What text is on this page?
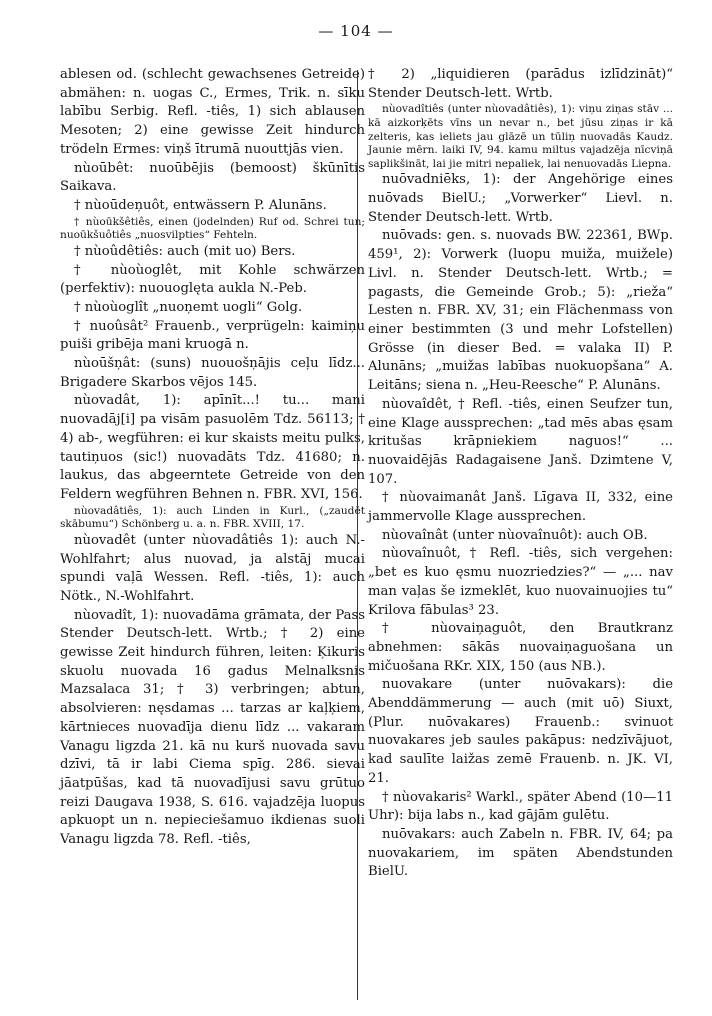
— 104 —

ablesen od. (schlecht gewachsenes Getreide) abmähen: n. uogas C., Ermes, Trik. n. sīku labību Serbig. Refl. -tiês, 1) sich ablausen Mesoten; 2) eine gewisse Zeit hindurch trödeln Ermes: viņš ītrumā nuouttjās vien.

nùoūbêt: nuoūbējis (bemoost) škūnītis Saikava.

† nùoūdeņuôt, entwässern P. Alunāns.

† nùoūkšêtiês, einen (jodelnden) Ruf od. Schrei tun; nuoūkšuôtiês „nuosvilpties“ Fehteln.

† nùoûdêtiês: auch (mit uo) Bers.

† nùoùoglêt, mit Kohle schwärzen (perfektiv): nuouoglęta aukla N.-Peb.

† nùoùoglît „nuoņemt uogli“ Golg.

† nuoûsât² Frauenb., verprügeln: kaimiņu puiši gribēja mani kruogā n.

nùoūšņât: (suns) nuouošņājis ceļu līdz... Brigadere Skarbos vējos 145.

nùovadât, 1): apīnīt...! tu... mani nuovadāj[i] pa visām pasuolēm Tdz. 56113; † 4) ab-, wegführen: ei kur skaists meitu pulks, tautiņuos (sic!) nuovadāts Tdz. 41680; n. laukus, das abgeerntete Getreide von den Feldern wegführen Behnen n. FBR. XVI, 156.

nùovadâtiês, 1): auch Linden in Kurl., („zaudēt skābumu“) Schönberg u. a. n. FBR. XVIII, 17.

nùovadêt (unter nùovadâtiês 1): auch N.-Wohlfahrt; alus nuovad, ja alstāj mucai spundi vaļā Wessen. Refl. -tiês, 1): auch Nötk., N.-Wohlfahrt.

nùovadît, 1): nuovadāma grāmata, der Pass Stender Deutsch-lett. Wrtb.; † 2) eine gewisse Zeit hindurch führen, leiten: Ķikuris skuolu nuovada 16 gadus Melnalksnis Mazsalaca 31; † 3) verbringen; abtun, absolvieren: nęsdamas ... tarzas ar kaļķiem, kārtnieces nuovadīja dienu līdz ... vakaram Vanagu ligzda 21. kā nu kurš nuovada savu dzīvi, tā ir labi Ciema spīg. 286. sievai jāatpūšas, kad tā nuovadījusi savu grūtuo reizi Daugava 1938, S. 616. vajadzēja luopus apkuopt un n. nepieciešamuo ikdienas suoli Vanagu ligzda 78. Refl. -tiês,

† 2) „liquidieren (parādus izlīdzināt)“ Stender Deutsch-lett. Wrtb.

nùovadîtiês (unter nùovadâtiês), 1): viņu ziņas stāv ... kā aizkorķēts vīns un nevar n., bet jūsu ziņas ir kā zelteris, kas ieliets jau glāzē un tūliņ nuovadās Kaudz. Jaunie mērn. laiki IV, 94. kamu miltus vajadzēja nīcviņā saplikšināt, lai jie mitri nepaliek, lai nenuovadās Liepna.

nuōvadniēks, 1): der Angehörige eines nuōvads BielU.; „Vorwerker“ Lievl. n. Stender Deutsch-lett. Wrtb.

nuōvads: gen. s. nuovads BW. 22361, BWp. 459¹, 2): Vorwerk (luopu muiža, muižele) Livl. n. Stender Deutsch-lett. Wrtb.; = pagasts, die Gemeinde Grob.; 5): „rieža“ Lesten n. FBR. XV, 31; ein Flächenmass von einer bestimmten (3 und mehr Lofstellen) Grösse (in dieser Bed. = valaka II) P. Alunāns; „muižas labības nuokuopšana“ A. Leitāns; siena n. „Heu-Reesche“ P. Alunāns.

nùovaîdêt, † Refl. -tiês, einen Seufzer tun, eine Klage aussprechen: „tad mēs abas ęsam kritušas krāpniekiem naguos!“ ... nuovaidējās Radagaisene Janš. Dzimtene V, 107.

† nùovaimanât Janš. Līgava II, 332, eine jammervolle Klage aussprechen.

nùovaînât (unter nùovaînuôt): auch OB.

nùovaînuôt, † Refl. -tiês, sich vergehen: „bet es kuo ęsmu nuozriedzies?“ — „... nav man vaļas še izmeklēt, kuo nuovainuojies tu“ Krilova fābulas³ 23.

† nùovaiņaguôt, den Brautkranz abnehmen: sākās nuovaiņaguošana un mičuošana RKr. XIX, 150 (aus NB.).

nuovakare (unter nuōvakars): die Abenddämmerung — auch (mit uō) Siuxt, (Plur. nuōvakares) Frauenb.: svinuot nuovakares jeb saules pakāpus: nedzīvājuot, kad saulīte laižas zemē Frauenb. n. JK. VI, 21.

† nùovakaris² Warkl., später Abend (10—11 Uhr): bija labs n., kad gājām gulētu.

nuōvakars: auch Zabeln n. FBR. IV, 64; pa nuovakariem, im späten Abendstunden BielU.
